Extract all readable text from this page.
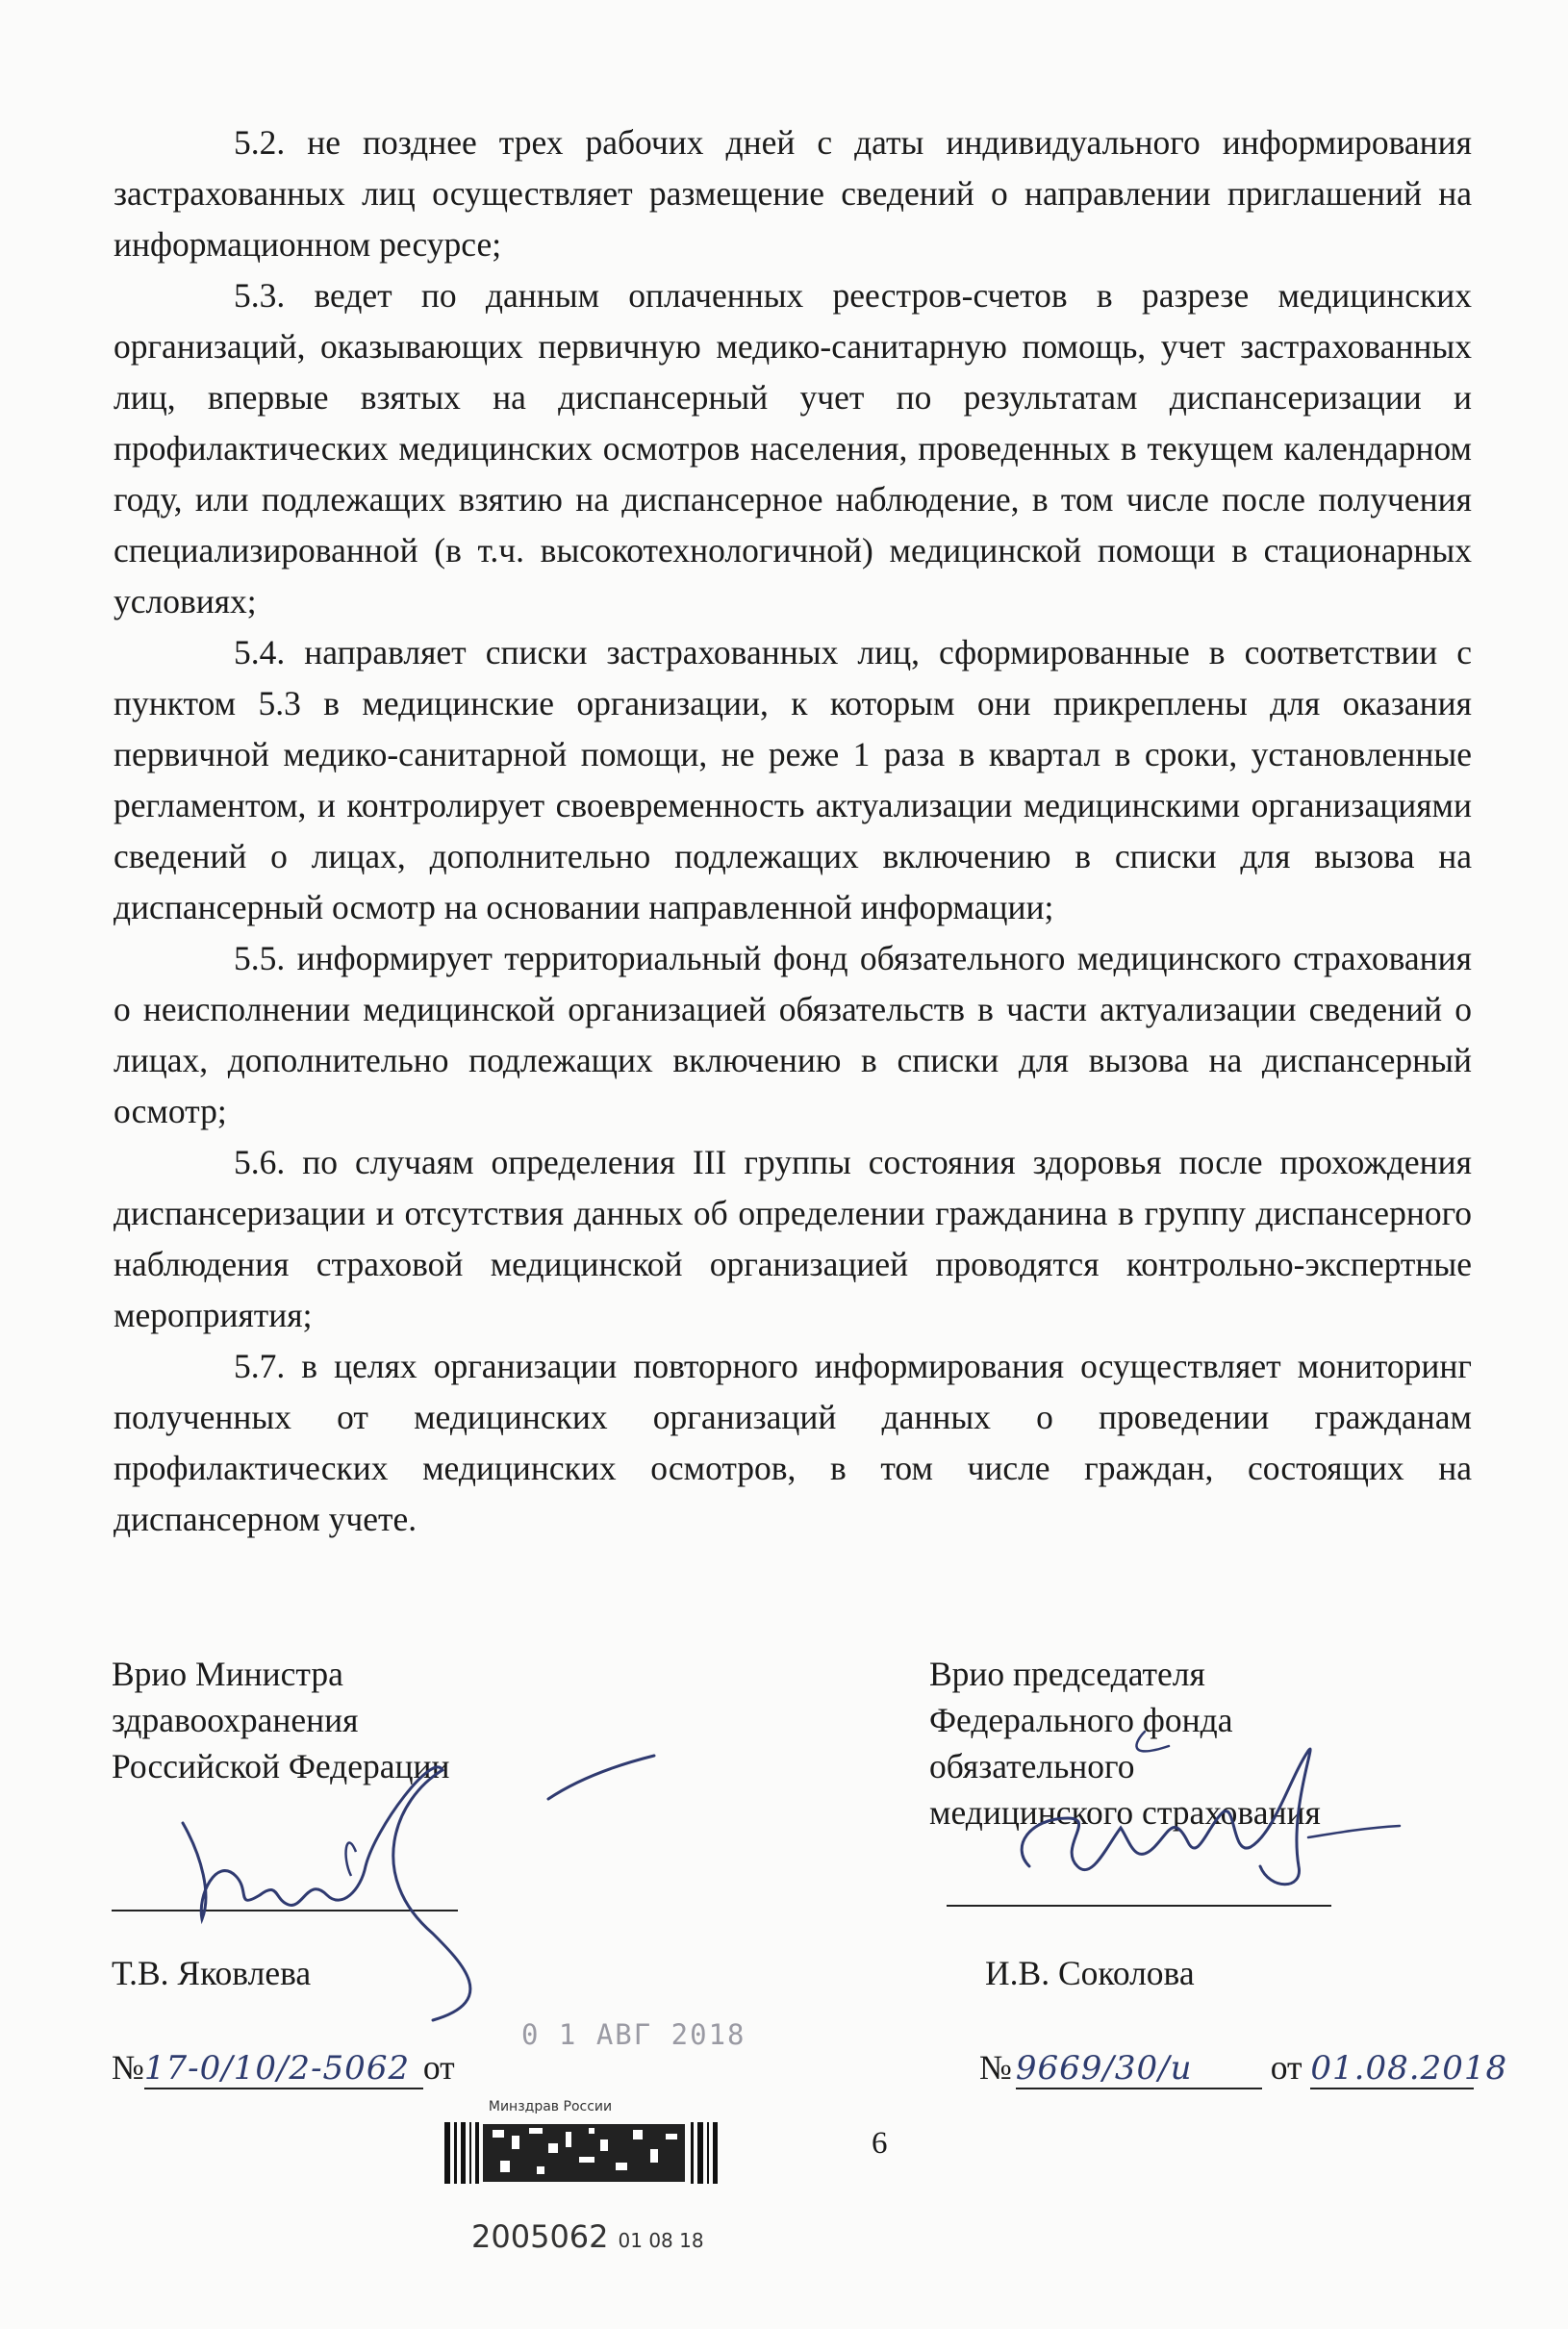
5.2. не позднее трех рабочих дней с даты индивидуального информирования застрахованных лиц осуществляет размещение сведений о направлении приглашений на информационном ресурсе;

5.3. ведет по данным оплаченных реестров-счетов в разрезе медицинских организаций, оказывающих первичную медико-санитарную помощь, учет застрахованных лиц, впервые взятых на диспансерный учет по результатам диспансеризации и профилактических медицинских осмотров населения, проведенных в текущем календарном году, или подлежащих взятию на диспансерное наблюдение, в том числе после получения специализированной (в т.ч. высокотехнологичной) медицинской помощи в стационарных условиях;

5.4. направляет списки застрахованных лиц, сформированные в соответствии с пунктом 5.3 в медицинские организации, к которым они прикреплены для оказания первичной медико-санитарной помощи, не реже 1 раза в квартал в сроки, установленные регламентом, и контролирует своевременность актуализации медицинскими организациями сведений о лицах, дополнительно подлежащих включению в списки для вызова на диспансерный осмотр на основании направленной информации;

5.5. информирует территориальный фонд обязательного медицинского страхования о неисполнении медицинской организацией обязательств в части актуализации сведений о лицах, дополнительно подлежащих включению в списки для вызова на диспансерный осмотр;

5.6. по случаям определения III группы состояния здоровья после прохождения диспансеризации и отсутствия данных об определении гражданина в группу диспансерного наблюдения страховой медицинской организацией проводятся контрольно-экспертные мероприятия;

5.7. в целях организации повторного информирования осуществляет мониторинг полученных от медицинских организаций данных о проведении гражданам профилактических медицинских осмотров, в том числе граждан, состоящих на диспансерном учете.

Врио Министра
здравоохранения
Российской Федерации
Т.В. Яковлева
№17-0/10/2-5062 от
0 1 АВГ 2018
Врио председателя
Федерального фонда
обязательного
медицинского страхования
И.В. Соколова
№ 9669/30/и от 01.08.2018
Минздрав России
2005062 01 08 18
6
